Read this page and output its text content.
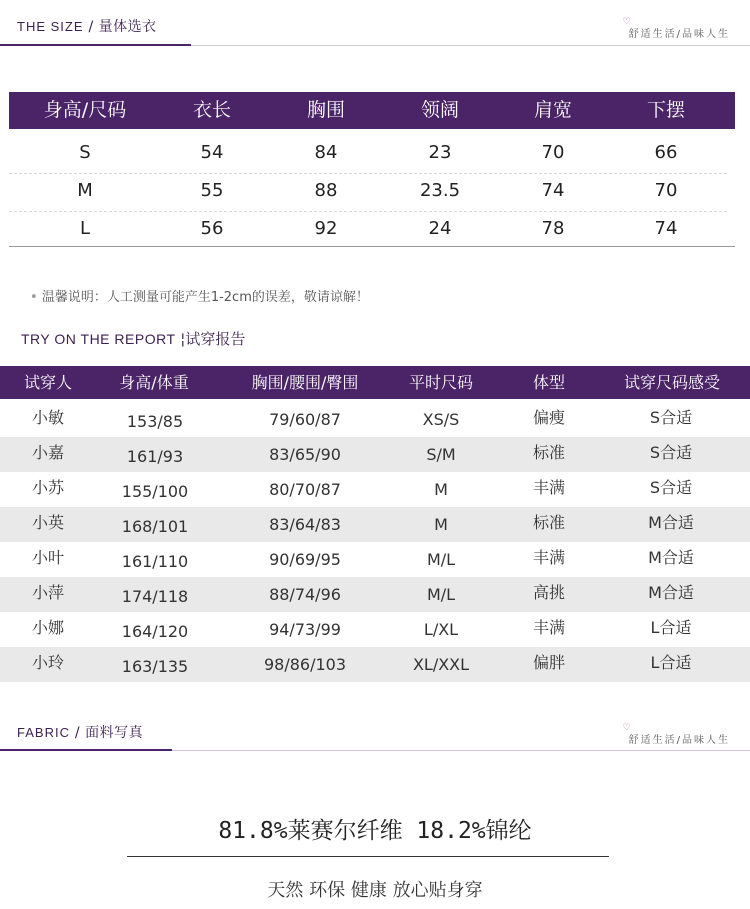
THE SIZE / 量体选衣	♡
舒适生活/品味人生
身高/尺码	衣长	胸围	领阔	肩宽	下摆
S	54	84	23	70	66
M	55	88	23.5	74	70
L	56	92	24	78	74
• 温馨说明：人工测量可能产生1-2cm的误差，敬请谅解！
TRY ON THE REPORT ¦试穿报告
试穿人	身高/体重	胸围/腰围/臀围	平时尺码	体型	试穿尺码感受
小敏	153/85	79/60/87	XS/S	偏瘦	S合适
小嘉	161/93	83/65/90	S/M	标准	S合适
小苏	155/100	80/70/87	M	丰满	S合适
小英	168/101	83/64/83	M	标准	M合适
小叶	161/110	90/69/95	M/L	丰满	M合适
小萍	174/118	88/74/96	M/L	高挑	M合适
小娜	164/120	94/73/99	L/XL	丰满	L合适
小玲	163/135	98/86/103	XL/XXL	偏胖	L合适
FABRIC / 面料写真	♡
舒适生活/品味人生
81.8%莱赛尔纤维 18.2%锦纶
天然 环保 健康 放心贴身穿
